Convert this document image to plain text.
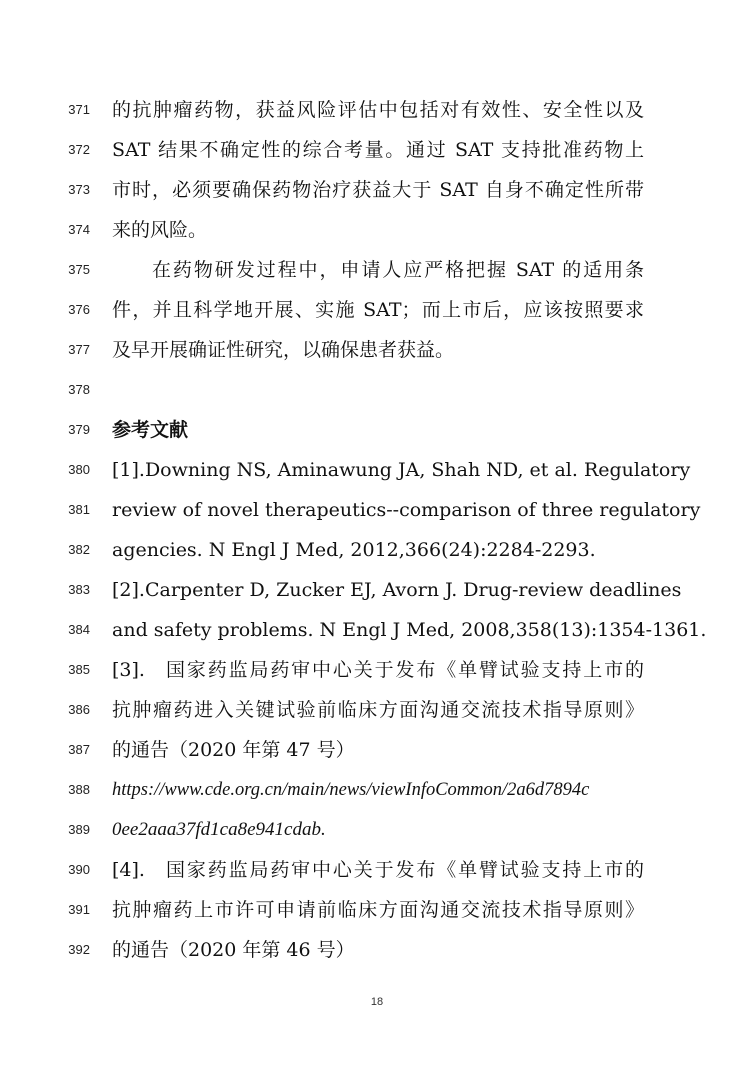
371 的抗肿瘤药物，获益风险评估中包括对有效性、安全性以及
372 SAT 结果不确定性的综合考量。通过 SAT 支持批准药物上
373 市时，必须要确保药物治疗获益大于 SAT 自身不确定性所带
374 来的风险。
375	在药物研发过程中，申请人应严格把握 SAT 的适用条
376 件，并且科学地开展、实施 SAT；而上市后，应该按照要求
377 及早开展确证性研究，以确保患者获益。
378
379 参考文献
380 [1]. Downing NS, Aminawung JA, Shah ND, et al. Regulatory
381 review of novel therapeutics--comparison of three regulatory
382 agencies. N Engl J Med, 2012,366(24):2284-2293.
383 [2]. Carpenter D, Zucker EJ, Avorn J. Drug-review deadlines
384 and safety problems. N Engl J Med, 2008,358(13):1354-1361.
385 [3].	国家药监局药审中心关于发布《单臂试验支持上市的
386 抗肿瘤药进入关键试验前临床方面沟通交流技术指导原则》
387 的通告（2020 年第 47 号）
388 https://www.cde.org.cn/main/news/viewInfoCommon/2a6d7894c
389 0ee2aaa37fd1ca8e941cdab.
390 [4].	国家药监局药审中心关于发布《单臂试验支持上市的
391 抗肿瘤药上市许可申请前临床方面沟通交流技术指导原则》
392 的通告（2020 年第 46 号）
18
